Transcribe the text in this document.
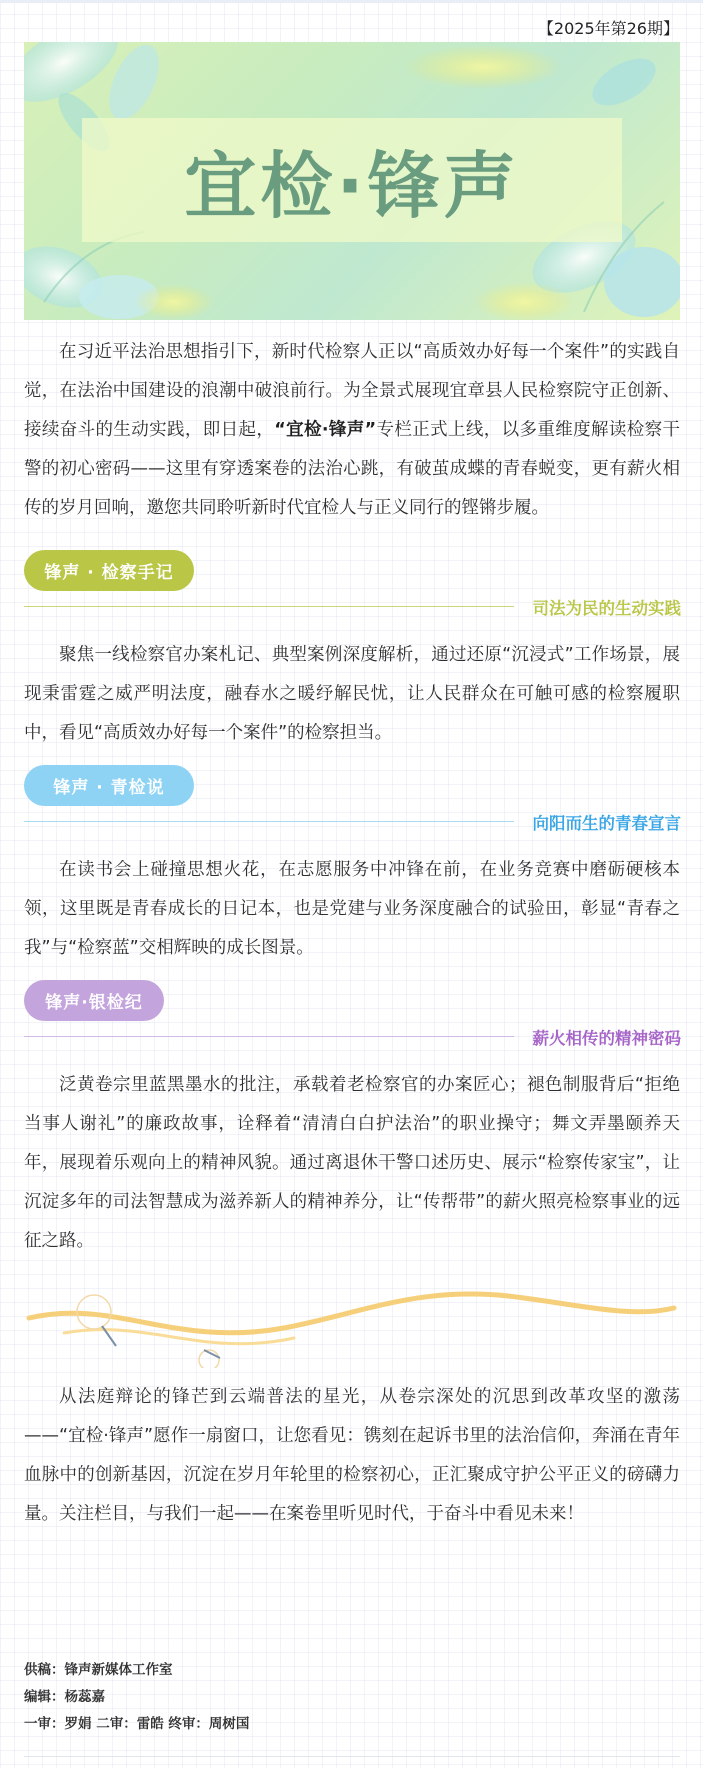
【2025年第26期】
宜检·锋声

在习近平法治思想指引下，新时代检察人正以“高质效办好每一个案件”的实践自觉，在法治中国建设的浪潮中破浪前行。为全景式展现宜章县人民检察院守正创新、接续奋斗的生动实践，即日起，“宜检·锋声”专栏正式上线，以多重维度解读检察干警的初心密码——这里有穿透案卷的法治心跳，有破茧成蝶的青春蜕变，更有薪火相传的岁月回响，邀您共同聆听新时代宜检人与正义同行的铿锵步履。

锋声 · 检察手记
司法为民的生动实践

聚焦一线检察官办案札记、典型案例深度解析，通过还原“沉浸式”工作场景，展现秉雷霆之威严明法度，融春水之暖纾解民忧，让人民群众在可触可感的检察履职中，看见“高质效办好每一个案件”的检察担当。

锋声 · 青检说
向阳而生的青春宣言

在读书会上碰撞思想火花，在志愿服务中冲锋在前，在业务竞赛中磨砺硬核本领，这里既是青春成长的日记本，也是党建与业务深度融合的试验田，彰显“青春之我”与“检察蓝”交相辉映的成长图景。

锋声·银检纪
薪火相传的精神密码

泛黄卷宗里蓝黑墨水的批注，承载着老检察官的办案匠心；褪色制服背后“拒绝当事人谢礼”的廉政故事，诠释着“清清白白护法治”的职业操守；舞文弄墨颐养天年，展现着乐观向上的精神风貌。通过离退休干警口述历史、展示“检察传家宝”，让沉淀多年的司法智慧成为滋养新人的精神养分，让“传帮带”的薪火照亮检察事业的远征之路。

从法庭辩论的锋芒到云端普法的星光，从卷宗深处的沉思到改革攻坚的激荡——“宜检·锋声”愿作一扇窗口，让您看见：镌刻在起诉书里的法治信仰，奔涌在青年血脉中的创新基因，沉淀在岁月年轮里的检察初心，正汇聚成守护公平正义的磅礴力量。关注栏目，与我们一起——在案卷里听见时代，于奋斗中看见未来！

供稿：锋声新媒体工作室
编辑：杨蕊嘉
一审：罗娟 二审：雷皓 终审：周树国
